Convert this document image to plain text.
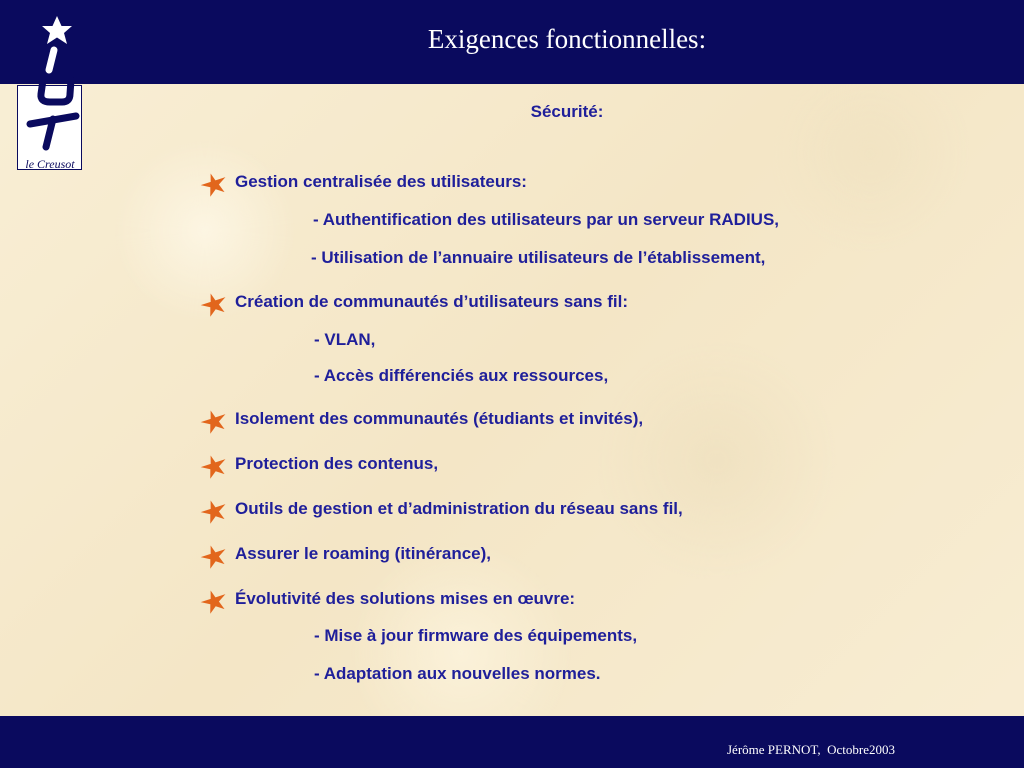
Exigences fonctionnelles:
le Creusot
Sécurité:
Gestion centralisée des utilisateurs:
- Authentification des utilisateurs par un serveur RADIUS,
- Utilisation de l’annuaire utilisateurs de l’établissement,
Création de communautés d’utilisateurs sans fil:
- VLAN,
- Accès différenciés aux ressources,
Isolement des communautés (étudiants et invités),
Protection des contenus,
Outils de gestion et d’administration du réseau sans fil,
Assurer le roaming (itinérance),
Évolutivité des solutions mises en œuvre:
- Mise à jour firmware des équipements,
- Adaptation aux nouvelles normes.
Jérôme PERNOT,  Octobre2003
